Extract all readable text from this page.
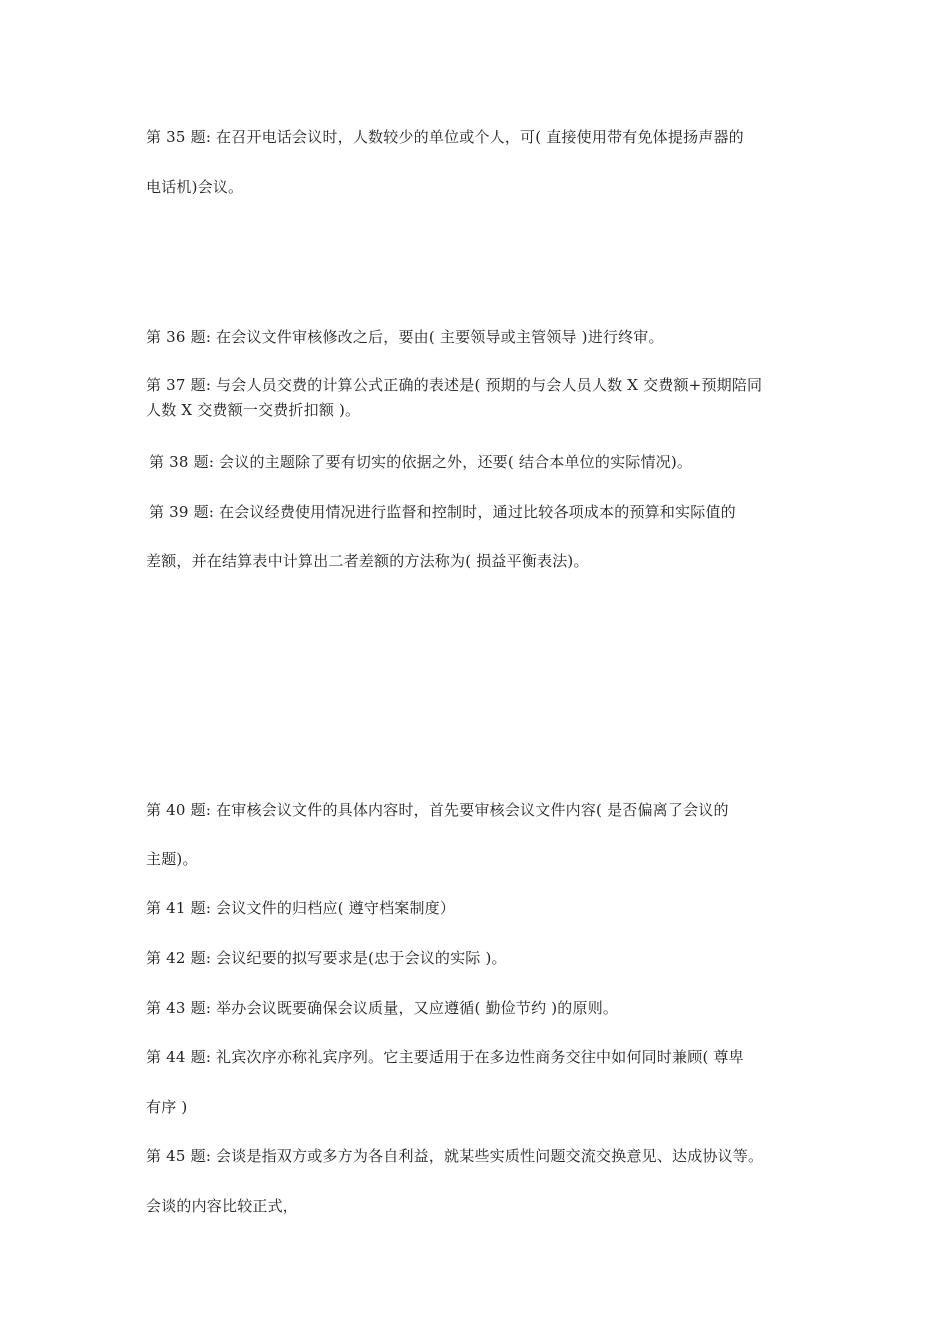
第 35 题: 在召开电话会议时，人数较少的单位或个人，可( 直接使用带有免体提扬声器的

电话机)会议。

第 36 题: 在会议文件审核修改之后，要由( 主要领导或主管领导 )进行终审。

第 37 题: 与会人员交费的计算公式正确的表述是( 预期的与会人员人数 X 交费额+预期陪同

人数 X 交费额一交费折扣额 )。

第 38 题: 会议的主题除了要有切实的依据之外，还要( 结合本单位的实际情况)。

第 39 题: 在会议经费使用情况进行监督和控制时，通过比较各项成本的预算和实际值的

差额，并在结算表中计算出二者差额的方法称为( 损益平衡表法)。

第 40 题: 在审核会议文件的具体内容时，首先要审核会议文件内容( 是否偏离了会议的

主题)。

第 41 题: 会议文件的归档应( 遵守档案制度）

第 42 题: 会议纪要的拟写要求是(忠于会议的实际 )。

第 43 题: 举办会议既要确保会议质量，又应遵循( 勤俭节约 )的原则。

第 44 题: 礼宾次序亦称礼宾序列。它主要适用于在多边性商务交往中如何同时兼顾( 尊卑

有序 )

第 45 题: 会谈是指双方或多方为各自利益，就某些实质性问题交流交换意见、达成协议等。

会谈的内容比较正式，
